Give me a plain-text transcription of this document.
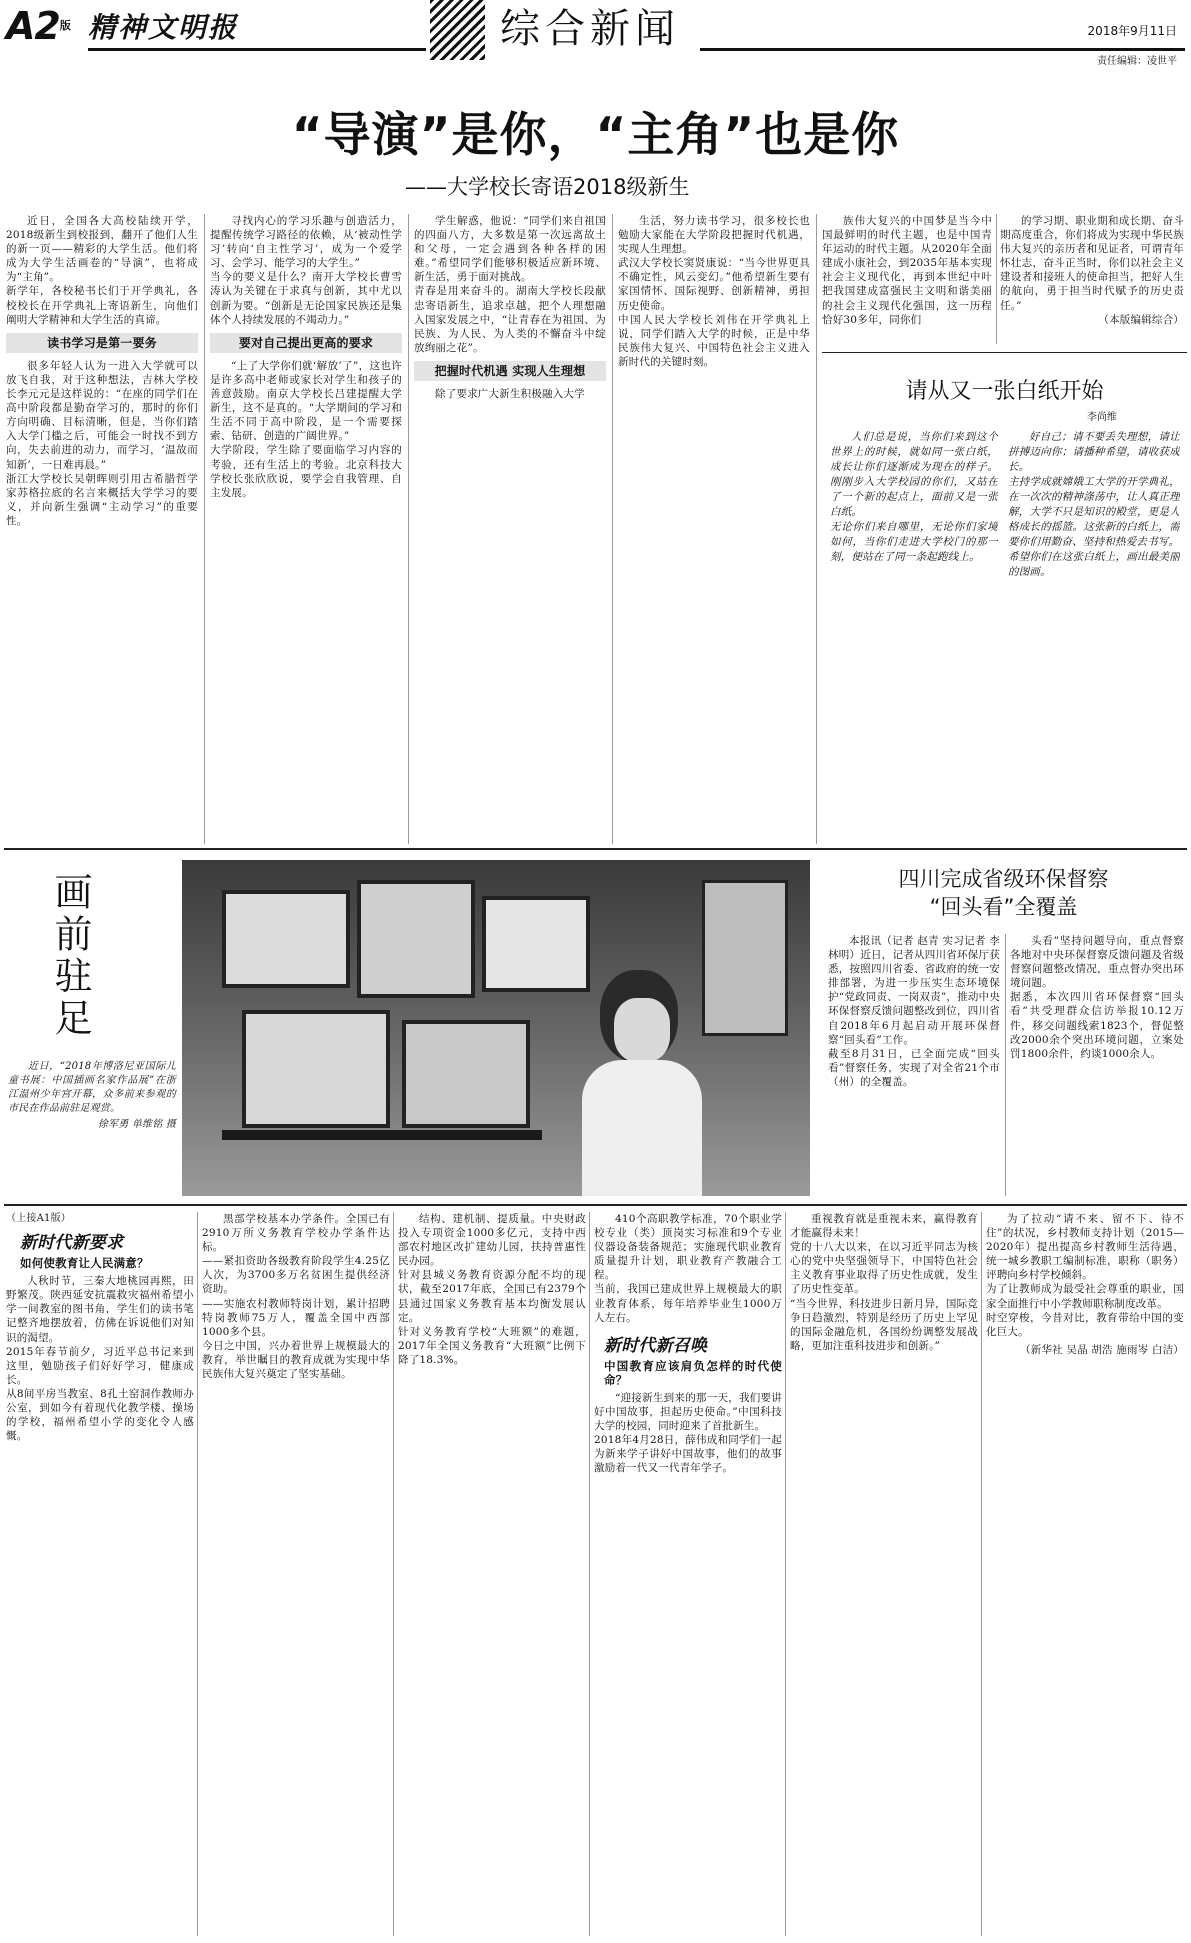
A2版 精神文明报	综合新闻	2018年9月11日
责任编辑：凌世平
“导演”是你，“主角”也是你
——大学校长寄语2018级新生

近日，全国各大高校陆续开学，2018级新生到校报到，翻开了他们人生的新一页——精彩的大学生活。他们将成为大学生活画卷的“导演”，也将成为“主角”。
新学年，各校秘书长们于开学典礼，各校校长在开学典礼上寄语新生，向他们阐明大学精神和大学生活的真谛。

读书学习是第一要务

很多年轻人认为一进入大学就可以放飞自我，对于这种想法，吉林大学校长李元元是这样说的：“在座的同学们在高中阶段都是勤奋学习的，那时的你们方向明确、目标清晰，但是，当你们踏入大学门槛之后，可能会一时找不到方向，失去前进的动力，而学习，‘温故而知新’，一日难再晨。”
浙江大学校长吴朝晖则引用古希腊哲学家苏格拉底的名言来概括大学学习的要义，并向新生强调“主动学习”的重要性。

寻找内心的学习乐趣与创造活力，提醒传统学习路径的依赖，从‘被动性学习’转向‘自主性学习’，成为一个爱学习、会学习、能学习的大学生。”
当今的要义是什么？南开大学校长曹雪涛认为关键在于求真与创新，其中尤以创新为要。“创新是无论国家民族还是集体个人持续发展的不竭动力。”

要对自己提出更高的要求

“上了大学你们就‘解放’了”，这也许是许多高中老师或家长对学生和孩子的善意鼓励。南京大学校长吕建提醒大学新生，这不是真的。“大学期间的学习和生活不同于高中阶段，是一个需要探索、钻研、创造的广阔世界。”
大学阶段，学生除了要面临学习内容的考验，还有生活上的考验。北京科技大学校长张欣欣说，要学会自我管理、自主发展。

学生解惑，他说：“同学们来自祖国的四面八方，大多数是第一次远离故土和父母，一定会遇到各种各样的困难。”希望同学们能够积极适应新环境、新生活，勇于面对挑战。
青春是用来奋斗的。湖南大学校长段献忠寄语新生，追求卓越，把个人理想融入国家发展之中，“让青春在为祖国、为民族、为人民、为人类的不懈奋斗中绽放绚丽之花”。

把握时代机遇 实现人生理想

除了要求广大新生积极融入大学

生活，努力读书学习，很多校长也勉励大家能在大学阶段把握时代机遇，实现人生理想。
武汉大学校长窦贤康说：“当今世界更具不确定性，风云变幻。”他希望新生要有家国情怀、国际视野、创新精神，勇担历史使命。
中国人民大学校长刘伟在开学典礼上说，同学们踏入大学的时候，正是中华民族伟大复兴、中国特色社会主义进入新时代的关键时刻。

族伟大复兴的中国梦是当今中国最鲜明的时代主题，也是中国青年运动的时代主题。从2020年全面建成小康社会，到2035年基本实现社会主义现代化，再到本世纪中叶把我国建成富强民主文明和谐美丽的社会主义现代化强国，这一历程恰好30多年，同你们

的学习期、职业期和成长期、奋斗期高度重合，你们将成为实现中华民族伟大复兴的亲历者和见证者，可谓青年怀壮志，奋斗正当时，你们以社会主义建设者和接班人的使命担当，把好人生的航向，勇于担当时代赋予的历史责任。”

（本版编辑综合）
请从又一张白纸开始
李尚维

人们总是说，当你们来到这个世界上的时候，就如同一张白纸，成长让你们逐渐成为现在的样子。刚刚步入大学校园的你们，又站在了一个新的起点上，面前又是一张白纸。
无论你们来自哪里，无论你们家境如何，当你们走进大学校门的那一刻，便站在了同一条起跑线上。

好自己；请不要丢失理想，请让拼搏迈向你；请播种希望，请收获成长。
主持学成就嫦娥工大学的开学典礼，在一次次的精神涤荡中，让人真正理解，大学不只是知识的殿堂，更是人格成长的摇篮。这张新的白纸上，需要你们用勤奋、坚持和热爱去书写。
希望你们在这张白纸上，画出最美丽的图画。

画前驻足

近日，“2018年博洛尼亚国际儿童书展：中国插画名家作品展”在浙江温州少年宫开幕，众多前来参观的市民在作品前驻足观赏。

徐军勇 单维铭 摄
四川完成省级环保督察
“回头看”全覆盖

本报讯（记者 赵青 实习记者 李林明）近日，记者从四川省环保厅获悉，按照四川省委、省政府的统一安排部署，为进一步压实生态环境保护“党政同责、一岗双责”，推动中央环保督察反馈问题整改到位，四川省自2018年6月起启动开展环保督察“回头看”工作。
截至8月31日，已全面完成“回头看”督察任务，实现了对全省21个市（州）的全覆盖。

头看”坚持问题导向，重点督察各地对中央环保督察反馈问题及省级督察问题整改情况，重点督办突出环境问题。
据悉，本次四川省环保督察“回头看”共受理群众信访举报10.12万件，移交问题线索1823个，督促整改2000余个突出环境问题，立案处罚1800余件，约谈1000余人。

（上接A1版）
新时代新要求
如何使教育让人民满意？

人秋时节，三秦大地桃园再熙，田野繁茂。陕西延安抗震救灾福州希望小学一间教室的图书角，学生们的读书笔记整齐地摆放着，仿佛在诉说他们对知识的渴望。
2015年春节前夕，习近平总书记来到这里，勉励孩子们好好学习，健康成长。
从8间平房当教室、8孔土窑洞作教师办公室，到如今有着现代化教学楼、操场的学校，福州希望小学的变化令人感慨。

黑部学校基本办学条件。全国已有2910万所义务教育学校办学条件达标。
——紧扣资助各级教育阶段学生4.25亿人次，为3700多万名贫困生提供经济资助。
——实施农村教师特岗计划，累计招聘特岗教师75万人，覆盖全国中西部1000多个县。
今日之中国，兴办着世界上规模最大的教育，举世瞩目的教育成就为实现中华民族伟大复兴奠定了坚实基础。

结构、建机制、提质量。中央财政投入专项资金1000多亿元，支持中西部农村地区改扩建幼儿园，扶持普惠性民办园。
针对县城义务教育资源分配不均的现状，截至2017年底，全国已有2379个县通过国家义务教育基本均衡发展认定。
针对义务教育学校“大班额”的难题，2017年全国义务教育“大班额”比例下降了18.3%。

410个高职教学标准，70个职业学校专业（类）顶岗实习标准和9个专业仪器设备装备规范；实施现代职业教育质量提升计划，职业教育产教融合工程。
当前，我国已建成世界上规模最大的职业教育体系，每年培养毕业生1000万人左右。

新时代新召唤
中国教育应该肩负怎样的时代使命？

“迎接新生到来的那一天，我们要讲好中国故事，担起历史使命。”中国科技大学的校园，同时迎来了首批新生。
2018年4月28日，薛伟成和同学们一起为新来学子讲好中国故事，他们的故事激励着一代又一代青年学子。

重视教育就是重视未来，赢得教育才能赢得未来！
党的十八大以来，在以习近平同志为核心的党中央坚强领导下，中国特色社会主义教育事业取得了历史性成就，发生了历史性变革。
“当今世界，科技进步日新月异，国际竞争日趋激烈，特别是经历了历史上罕见的国际金融危机，各国纷纷调整发展战略，更加注重科技进步和创新。”

为了拉动“请不来、留不下、待不住”的状况，乡村教师支持计划（2015—2020年）提出提高乡村教师生活待遇，统一城乡教职工编制标准，职称（职务）评聘向乡村学校倾斜。
为了让教师成为最受社会尊重的职业，国家全面推行中小学教师职称制度改革。
时空穿梭，今昔对比，教育带给中国的变化巨大。

（新华社 吴晶 胡浩 施雨岑 白洁）
